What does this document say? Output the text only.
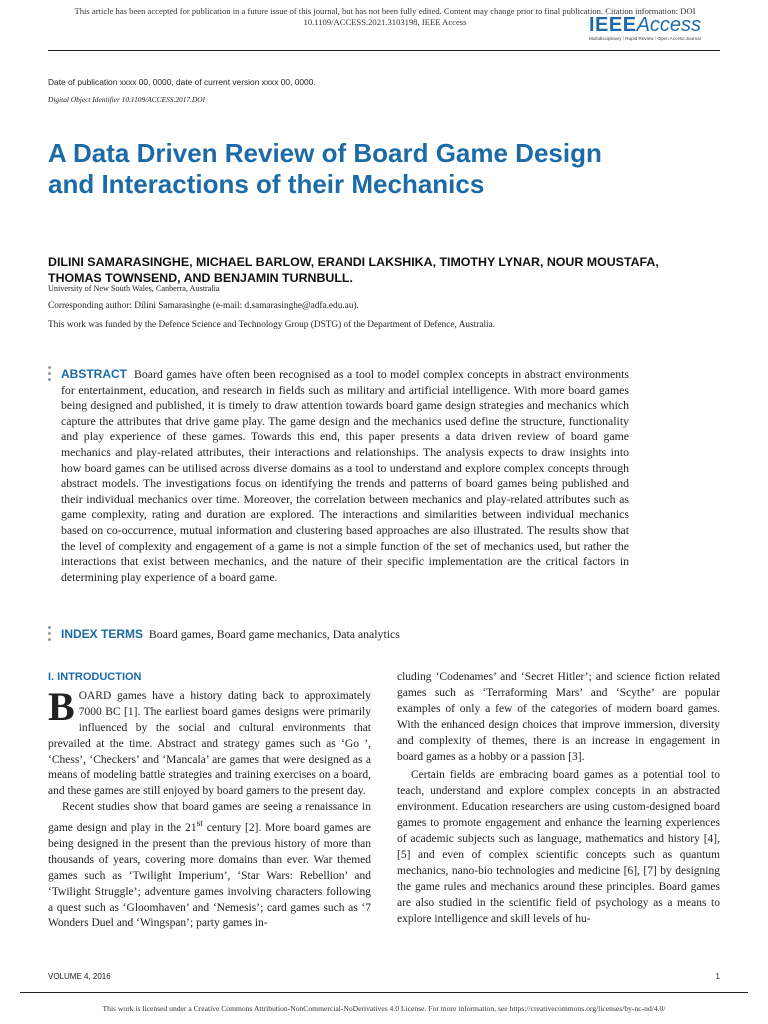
This article has been accepted for publication in a future issue of this journal, but has not been fully edited. Content may change prior to final publication. Citation information: DOI
10.1109/ACCESS.2021.3103198, IEEE Access	IEEEAccess
Multidisciplinary ⁞ Rapid Review ⁞ Open Access Journal
Date of publication xxxx 00, 0000, date of current version xxxx 00, 0000.
Digital Object Identifier 10.1109/ACCESS.2017.DOI
A Data Driven Review of Board Game Design and Interactions of their Mechanics
DILINI SAMARASINGHE, MICHAEL BARLOW, ERANDI LAKSHIKA, TIMOTHY LYNAR, NOUR MOUSTAFA, THOMAS TOWNSEND, AND BENJAMIN TURNBULL.
University of New South Wales, Canberra, Australia
Corresponding author: Dilini Samarasinghe (e-mail: d.samarasinghe@adfa.edu.au).
This work was funded by the Defence Science and Technology Group (DSTG) of the Department of Defence, Australia.
ABSTRACT Board games have often been recognised as a tool to model complex concepts in abstract environments for entertainment, education, and research in fields such as military and artificial intelligence. With more board games being designed and published, it is timely to draw attention towards board game design strategies and mechanics which capture the attributes that drive game play. The game design and the mechanics used define the structure, functionality and play experience of these games. Towards this end, this paper presents a data driven review of board game mechanics and play-related attributes, their interactions and relationships. The analysis expects to draw insights into how board games can be utilised across diverse domains as a tool to understand and explore complex concepts through abstract models. The investigations focus on identifying the trends and patterns of board games being published and their individual mechanics over time. Moreover, the correlation between mechanics and play-related attributes such as game complexity, rating and duration are explored. The interactions and similarities between individual mechanics based on co-occurrence, mutual information and clustering based approaches are also illustrated. The results show that the level of complexity and engagement of a game is not a simple function of the set of mechanics used, but rather the interactions that exist between mechanics, and the nature of their specific implementation are the critical factors in determining play experience of a board game.
INDEX TERMS Board games, Board game mechanics, Data analytics
I. INTRODUCTION

BOARD games have a history dating back to approximately 7000 BC [1]. The earliest board games designs were primarily influenced by the social and cultural environments that prevailed at the time. Abstract and strategy games such as ‘Go ’, ‘Chess’, ‘Checkers’ and ‘Mancala’ are games that were designed as a means of modeling battle strategies and training exercises on a board, and these games are still enjoyed by board gamers to the present day.

Recent studies show that board games are seeing a renaissance in game design and play in the 21st century [2]. More board games are being designed in the present than the previous history of more than thousands of years, covering more domains than ever. War themed games such as ‘Twilight Imperium’, ‘Star Wars: Rebellion’ and ‘Twilight Struggle’; adventure games involving characters following a quest such as ‘Gloomhaven’ and ‘Nemesis’; card games such as ‘7 Wonders Duel and ‘Wingspan’; party games in-

cluding ‘Codenames’ and ‘Secret Hitler’; and science fiction related games such as ‘Terraforming Mars’ and ‘Scythe’ are popular examples of only a few of the categories of modern board games. With the enhanced design choices that improve immersion, diversity and complexity of themes, there is an increase in engagement in board games as a hobby or a passion [3].

Certain fields are embracing board games as a potential tool to teach, understand and explore complex concepts in an abstracted environment. Education researchers are using custom-designed board games to promote engagement and enhance the learning experiences of academic subjects such as language, mathematics and history [4], [5] and even of complex scientific concepts such as quantum mechanics, nano-bio technologies and medicine [6], [7] by designing the game rules and mechanics around these principles. Board games are also studied in the scientific field of psychology as a means to explore intelligence and skill levels of hu-

VOLUME 4, 2016	1
This work is licensed under a Creative Commons Attribution-NonCommercial-NoDerivatives 4.0 License. For more information, see https://creativecommons.org/licenses/by-nc-nd/4.0/
